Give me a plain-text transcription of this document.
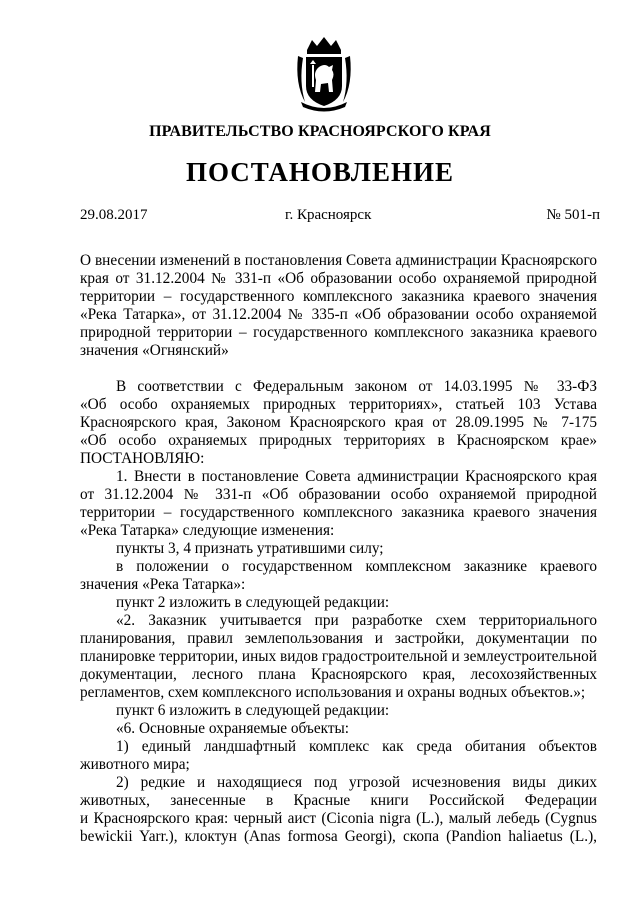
ПРАВИТЕЛЬСТВО КРАСНОЯРСКОГО КРАЯ
ПОСТАНОВЛЕНИЕ
29.08.2017	г. Красноярск	№ 501-п
О внесении изменений в постановления Совета администрации Красноярского
края от 31.12.2004 № 331-п «Об образовании особо охраняемой природной
территории – государственного комплексного заказника краевого значения
«Река Татарка», от 31.12.2004 № 335-п «Об образовании особо охраняемой
природной территории – государственного комплексного заказника краевого
значения «Огнянский»
В соответствии с Федеральным законом от 14.03.1995 № 33-ФЗ
«Об особо охраняемых природных территориях», статьей 103 Устава
Красноярского края, Законом Красноярского края от 28.09.1995 № 7-175
«Об особо охраняемых природных территориях в Красноярском крае»
ПОСТАНОВЛЯЮ:
1. Внести в постановление Совета администрации Красноярского края
от 31.12.2004 № 331-п «Об образовании особо охраняемой природной
территории – государственного комплексного заказника краевого значения
«Река Татарка» следующие изменения:
пункты 3, 4 признать утратившими силу;
в положении о государственном комплексном заказнике краевого
значения «Река Татарка»:
пункт 2 изложить в следующей редакции:
«2. Заказник учитывается при разработке схем территориального
планирования, правил землепользования и застройки, документации по
планировке территории, иных видов градостроительной и землеустроительной
документации, лесного плана Красноярского края, лесохозяйственных
регламентов, схем комплексного использования и охраны водных объектов.»;
пункт 6 изложить в следующей редакции:
«6. Основные охраняемые объекты:
1) единый ландшафтный комплекс как среда обитания объектов
животного мира;
2) редкие и находящиеся под угрозой исчезновения виды диких
животных, занесенные в Красные книги Российской Федерации
и Красноярского края: черный аист (Ciconia nigra (L.), малый лебедь (Cygnus
bewickii Yarr.), клоктун (Anas formosa Georgi), скопа (Pandion haliaetus (L.),
